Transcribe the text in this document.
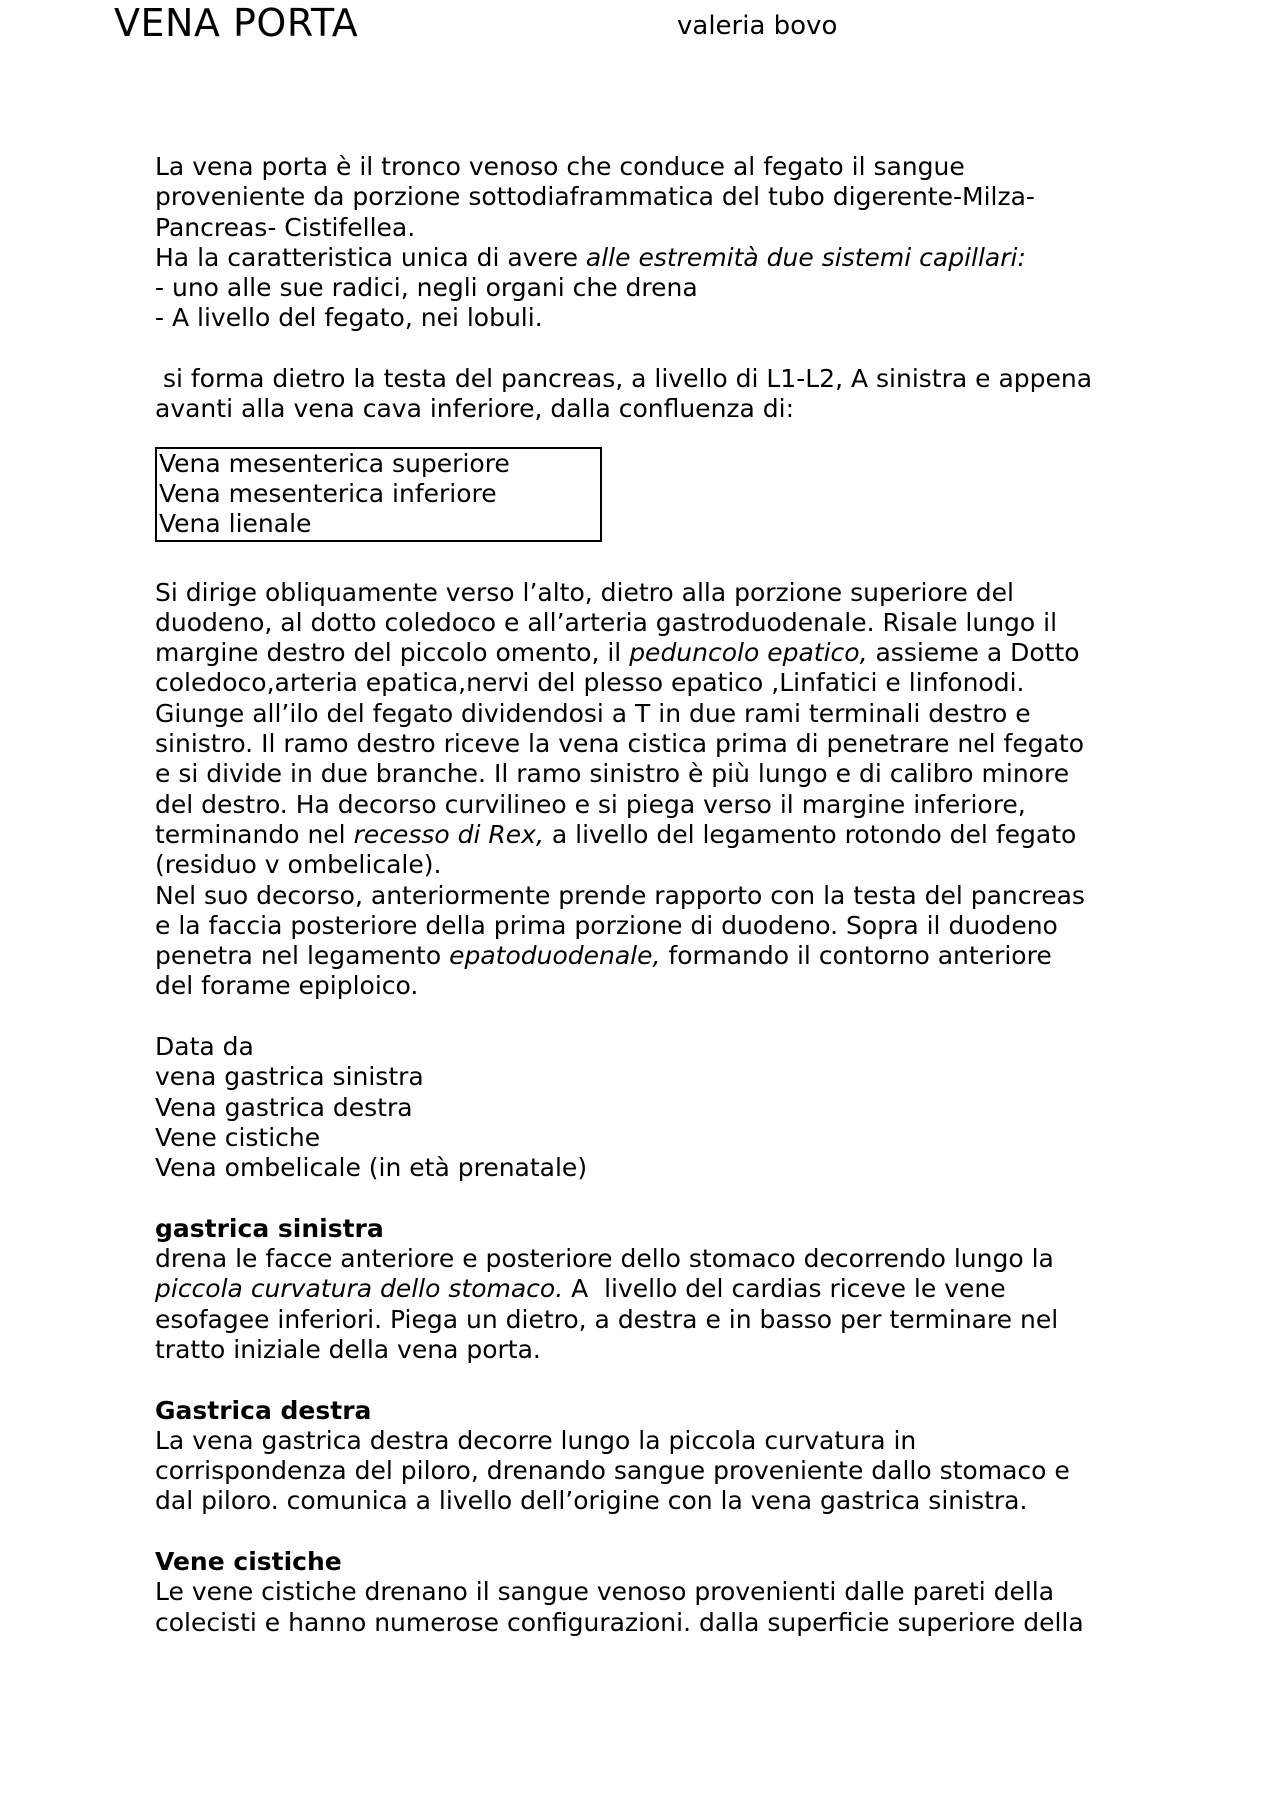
VENA PORTA	valeria bovo

La vena porta è il tronco venoso che conduce al fegato il sangue

proveniente da porzione sottodiaframmatica del tubo digerente-Milza-

Pancreas- Cistifellea.

Ha la caratteristica unica di avere alle estremità due sistemi capillari:

- uno alle sue radici, negli organi che drena

- A livello del fegato, nei lobuli.

si forma dietro la testa del pancreas, a livello di L1-L2, A sinistra e appena

avanti alla vena cava inferiore, dalla confluenza di:

Vena mesenterica superiore

Vena mesenterica inferiore

Vena lienale

Si dirige obliquamente verso l’alto, dietro alla porzione superiore del

duodeno, al dotto coledoco e all’arteria gastroduodenale. Risale lungo il

margine destro del piccolo omento, il peduncolo epatico, assieme a Dotto

coledoco,arteria epatica,nervi del plesso epatico ,Linfatici e linfonodi.

Giunge all’ilo del fegato dividendosi a T in due rami terminali destro e

sinistro. Il ramo destro riceve la vena cistica prima di penetrare nel fegato

e si divide in due branche. Il ramo sinistro è più lungo e di calibro minore

del destro. Ha decorso curvilineo e si piega verso il margine inferiore,

terminando nel recesso di Rex, a livello del legamento rotondo del fegato

(residuo v ombelicale).

Nel suo decorso, anteriormente prende rapporto con la testa del pancreas

e la faccia posteriore della prima porzione di duodeno. Sopra il duodeno

penetra nel legamento epatoduodenale, formando il contorno anteriore

del forame epiploico.

Data da

vena gastrica sinistra

Vena gastrica destra

Vene cistiche

Vena ombelicale (in età prenatale)

gastrica sinistra

drena le facce anteriore e posteriore dello stomaco decorrendo lungo la

piccola curvatura dello stomaco. A  livello del cardias riceve le vene

esofagee inferiori. Piega un dietro, a destra e in basso per terminare nel

tratto iniziale della vena porta.

Gastrica destra

La vena gastrica destra decorre lungo la piccola curvatura in

corrispondenza del piloro, drenando sangue proveniente dallo stomaco e

dal piloro. comunica a livello dell’origine con la vena gastrica sinistra.

Vene cistiche

Le vene cistiche drenano il sangue venoso provenienti dalle pareti della

colecisti e hanno numerose configurazioni. dalla superficie superiore della
